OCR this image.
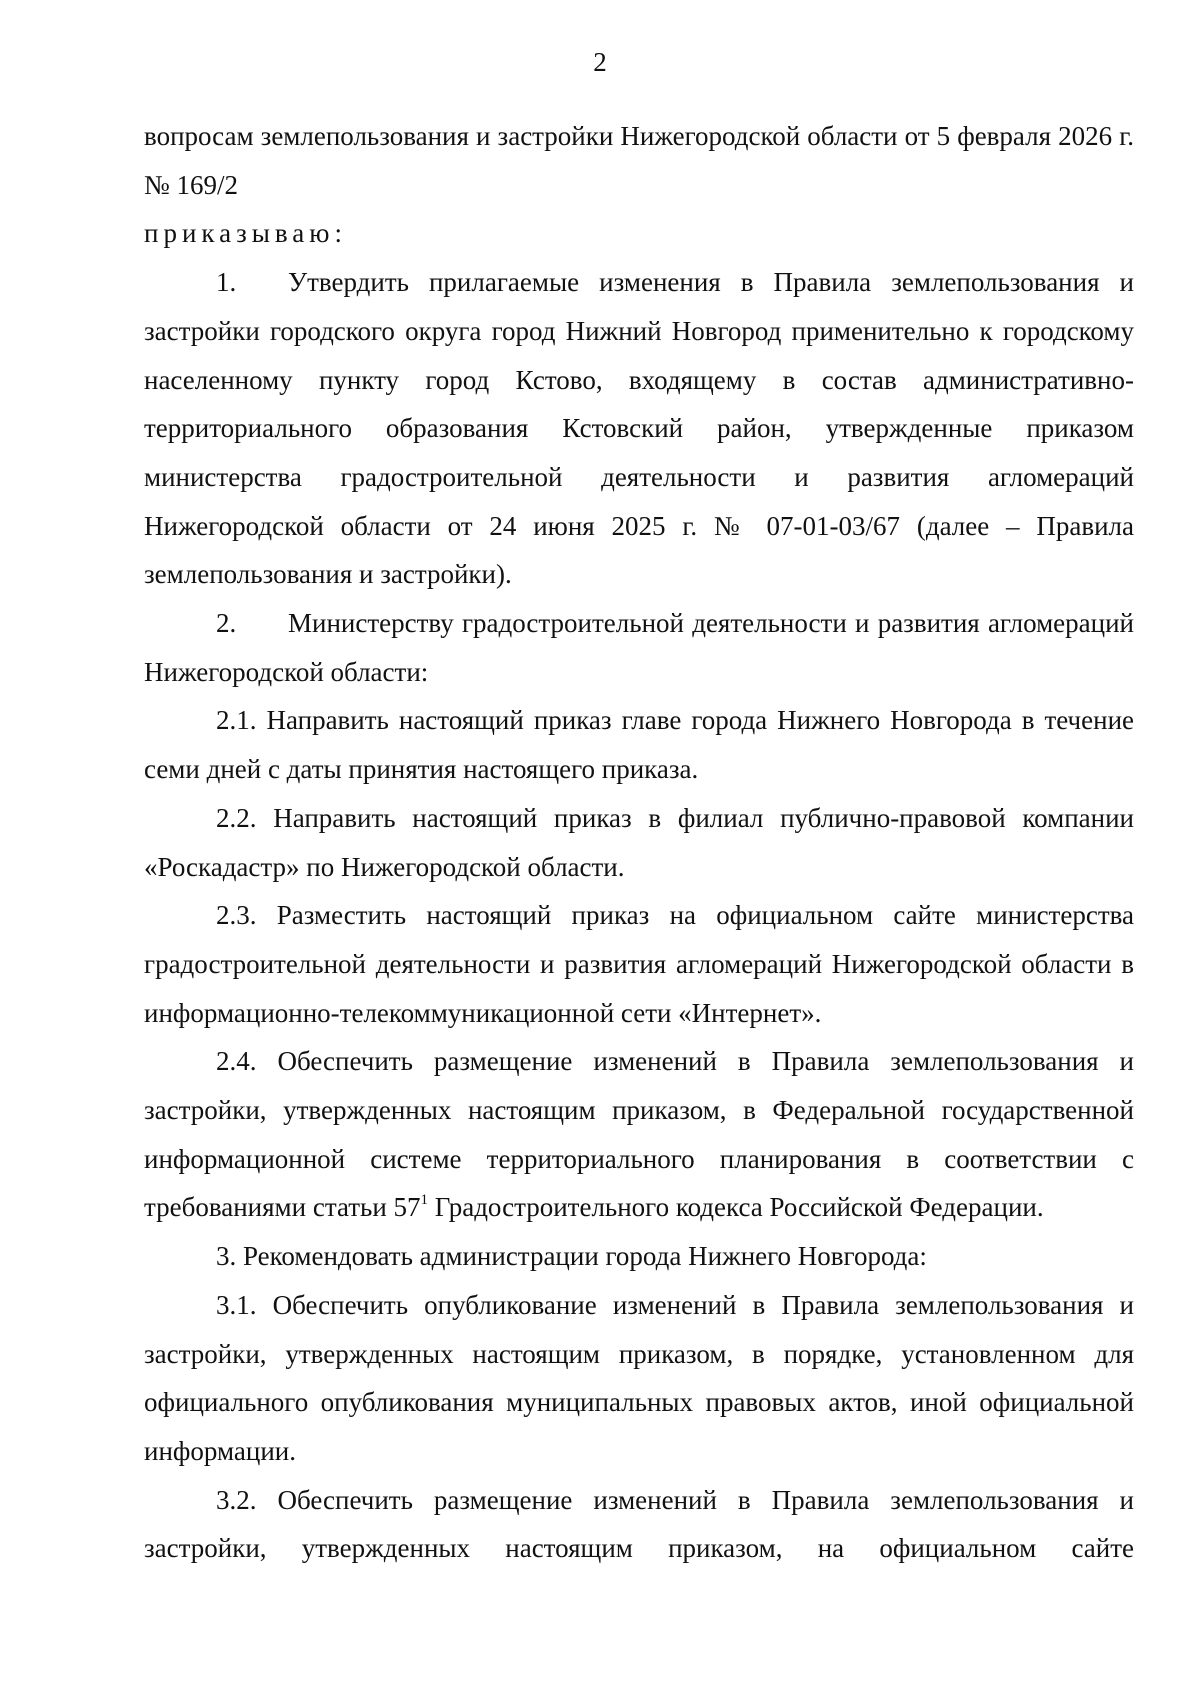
2

вопросам землепользования и застройки Нижегородской области от 5 февраля 2026 г. № 169/2

приказываю:

1. Утвердить прилагаемые изменения в Правила землепользования и застройки городского округа город Нижний Новгород применительно к городскому населенному пункту город Кстово, входящему в состав административно-территориального образования Кстовский район, утвержденные приказом министерства градостроительной деятельности и развития агломераций Нижегородской области от 24 июня 2025 г. № 07-01-03/67 (далее – Правила землепользования и застройки).

2. Министерству градостроительной деятельности и развития агломераций Нижегородской области:

2.1. Направить настоящий приказ главе города Нижнего Новгорода в течение семи дней с даты принятия настоящего приказа.

2.2. Направить настоящий приказ в филиал публично-правовой компании «Роскадастр» по Нижегородской области.

2.3. Разместить настоящий приказ на официальном сайте министерства градостроительной деятельности и развития агломераций Нижегородской области в информационно-телекоммуникационной сети «Интернет».

2.4. Обеспечить размещение изменений в Правила землепользования и застройки, утвержденных настоящим приказом, в Федеральной государственной информационной системе территориального планирования в соответствии с требованиями статьи $57^1$ Градостроительного кодекса Российской Федерации.

3. Рекомендовать администрации города Нижнего Новгорода:

3.1. Обеспечить опубликование изменений в Правила землепользования и застройки, утвержденных настоящим приказом, в порядке, установленном для официального опубликования муниципальных правовых актов, иной официальной информации.

3.2. Обеспечить размещение изменений в Правила землепользования и застройки, утвержденных настоящим приказом, на официальном сайте
